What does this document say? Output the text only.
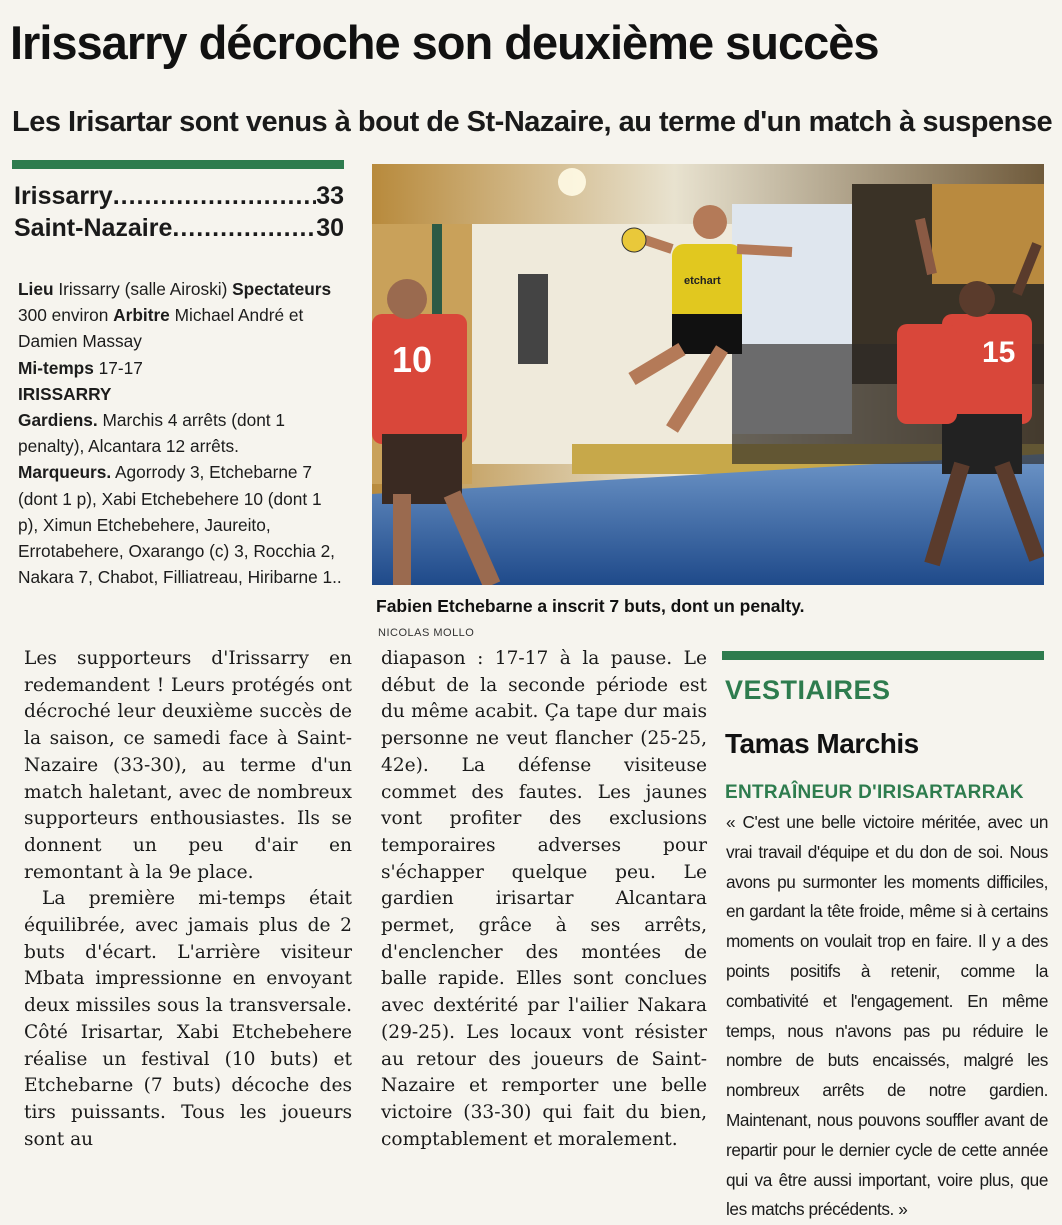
Irissarry décroche son deuxième succès
Les Irisartar sont venus à bout de St-Nazaire, au terme d'un match à suspense
Irissarry .....	33
Saint-Nazaire .....	30

Lieu Irissarry (salle Airoski) Spectateurs 300 environ Arbitre Michael André et Damien Massay

Mi-temps 17-17

IRISSARRY

Gardiens. Marchis 4 arrêts (dont 1 penalty), Alcantara 12 arrêts.

Marqueurs. Agorrody 3, Etchebarne 7 (dont 1 p), Xabi Etchebehere 10 (dont 1 p), Ximun Etchebehere, Jaureito, Errotabehere, Oxarango (c) 3, Rocchia 2, Nakara 7, Chabot, Filliatreau, Hiribarne 1..

etchart
10	15
Fabien Etchebarne a inscrit 7 buts, dont un penalty.
NICOLAS MOLLO

Les supporteurs d'Irissarry en redemandent ! Leurs protégés ont décroché leur deuxième succès de la saison, ce samedi face à Saint-Nazaire (33-30), au terme d'un match haletant, avec de nombreux supporteurs enthousiastes. Ils se donnent un peu d'air en remontant à la 9e place.

La première mi-temps était équilibrée, avec jamais plus de 2 buts d'écart. L'arrière visiteur Mbata impressionne en envoyant deux missiles sous la transversale. Côté Irisartar, Xabi Etchebehere réalise un festival (10 buts) et Etchebarne (7 buts) décoche des tirs puissants. Tous les joueurs sont au

diapason : 17-17 à la pause. Le début de la seconde période est du même acabit. Ça tape dur mais personne ne veut flancher (25-25, 42e). La défense visiteuse commet des fautes. Les jaunes vont profiter des exclusions temporaires adverses pour s'échapper quelque peu. Le gardien irisartar Alcantara permet, grâce à ses arrêts, d'enclencher des montées de balle rapide. Elles sont conclues avec dextérité par l'ailier Nakara (29-25). Les locaux vont résister au retour des joueurs de Saint-Nazaire et remporter une belle victoire (33-30) qui fait du bien, comptablement et moralement.

VESTIAIRES
Tamas Marchis
ENTRAÎNEUR D'IRISARTARRAK

« C'est une belle victoire méritée, avec un vrai travail d'équipe et du don de soi. Nous avons pu surmonter les moments difficiles, en gardant la tête froide, même si à certains moments on voulait trop en faire. Il y a des points positifs à retenir, comme la combativité et l'engagement. En même temps, nous n'avons pas pu réduire le nombre de buts encaissés, malgré les nombreux arrêts de notre gardien. Maintenant, nous pouvons souffler avant de repartir pour le dernier cycle de cette année qui va être aussi important, voire plus, que les matchs précédents. »
